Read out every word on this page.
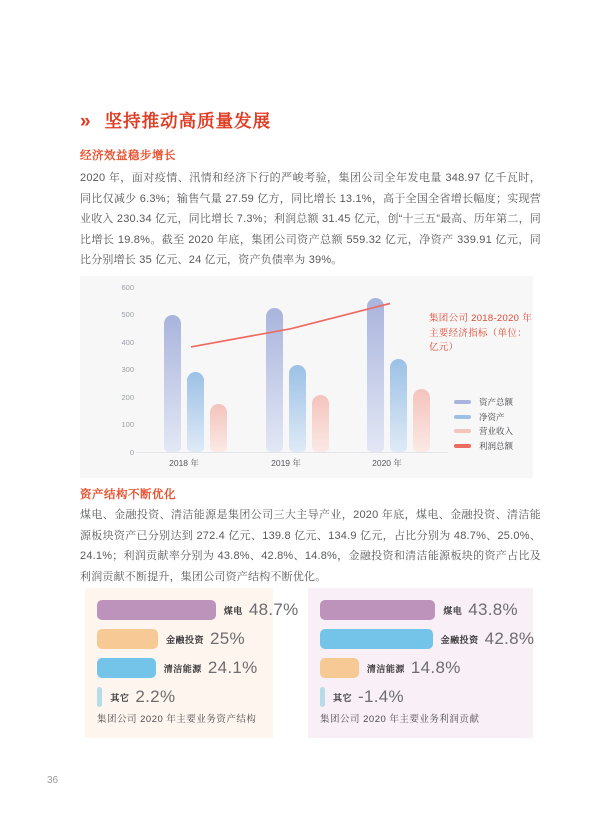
» 坚持推动高质量发展
经济效益稳步增长
2020 年，面对疫情、汛情和经济下行的严峻考验，集团公司全年发电量 348.97 亿千瓦时，同比仅减少 6.3%；输售气量 27.59 亿方，同比增长 13.1%，高于全国全省增长幅度；实现营业收入 230.34 亿元，同比增长 7.3%；利润总额 31.45 亿元，创“十三五”最高、历年第二，同比增长 19.8%。截至 2020 年底，集团公司资产总额 559.32 亿元，净资产 339.91 亿元，同比分别增长 35 亿元、24 亿元，资产负债率为 39%。
集团公司 2018-2020 年主要经济指标（单位：亿元）
资产总额
净资产
营业收入
利润总额
0
100
200
300
400
500
600
2018 年	2019 年	2020 年
资产结构不断优化
煤电、金融投资、清洁能源是集团公司三大主导产业，2020 年底，煤电、金融投资、清洁能源板块资产已分别达到 272.4 亿元、139.8 亿元、134.9 亿元，占比分别为 48.7%、25.0%、24.1%；利润贡献率分别为 43.8%、42.8%、14.8%，金融投资和清洁能源板块的资产占比及利润贡献不断提升，集团公司资产结构不断优化。
煤电 48.7%
金融投资 25%
清洁能源 24.1%
其它 2.2%
集团公司 2020 年主要业务资产结构
煤电 43.8%
金融投资 42.8%
清洁能源 14.8%
其它 -1.4%
集团公司 2020 年主要业务利润贡献
36
